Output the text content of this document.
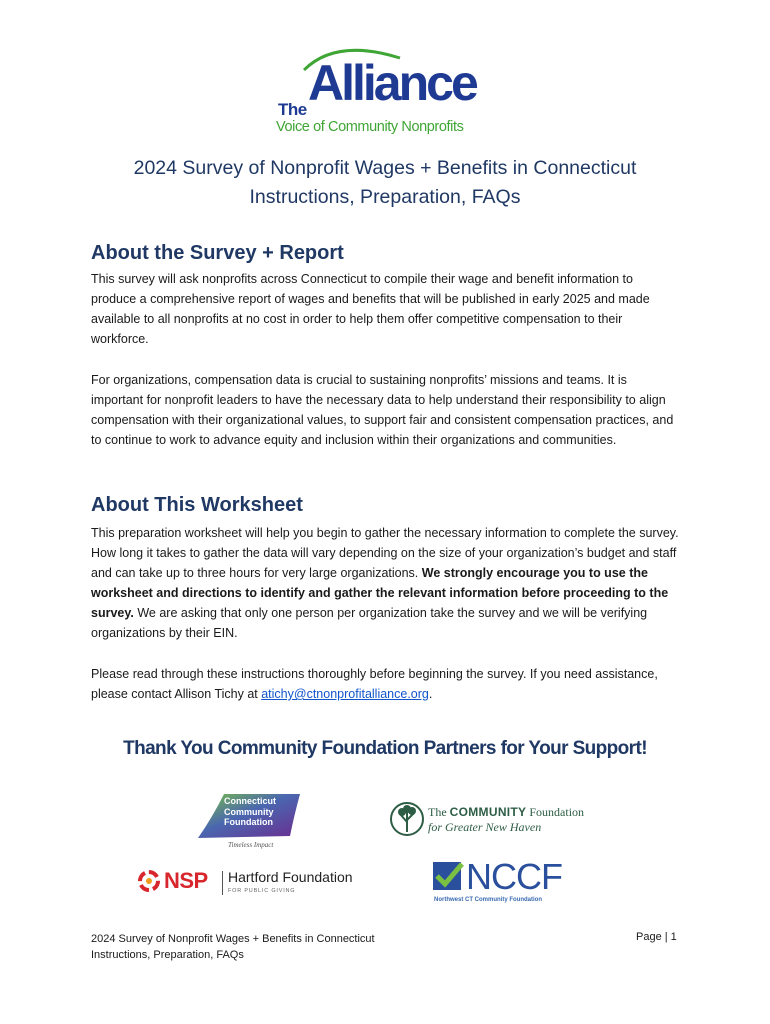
The Alliance
Voice of Community Nonprofits
2024 Survey of Nonprofit Wages + Benefits in Connecticut
Instructions, Preparation, FAQs
About the Survey + Report

This survey will ask nonprofits across Connecticut to compile their wage and benefit information to produce a comprehensive report of wages and benefits that will be published in early 2025 and made available to all nonprofits at no cost in order to help them offer competitive compensation to their workforce.

For organizations, compensation data is crucial to sustaining nonprofits’ missions and teams. It is important for nonprofit leaders to have the necessary data to help understand their responsibility to align compensation with their organizational values, to support fair and consistent compensation practices, and to continue to work to advance equity and inclusion within their organizations and communities.

About This Worksheet

This preparation worksheet will help you begin to gather the necessary information to complete the survey. How long it takes to gather the data will vary depending on the size of your organization’s budget and staff and can take up to three hours for very large organizations. We strongly encourage you to use the worksheet and directions to identify and gather the relevant information before proceeding to the survey. We are asking that only one person per organization take the survey and we will be verifying organizations by their EIN.

Please read through these instructions thoroughly before beginning the survey. If you need assistance, please contact Allison Tichy at atichy@ctnonprofitalliance.org.

Thank You Community Foundation Partners for Your Support!
Connecticut
Community
Foundation
Timeless Impact
The COMMUNITY Foundation
for Greater New Haven
NSP Hartford Foundation
FOR PUBLIC GIVING	NCCF
Northwest CT Community Foundation
2024 Survey of Nonprofit Wages + Benefits in Connecticut
Instructions, Preparation, FAQs
Page | 1
